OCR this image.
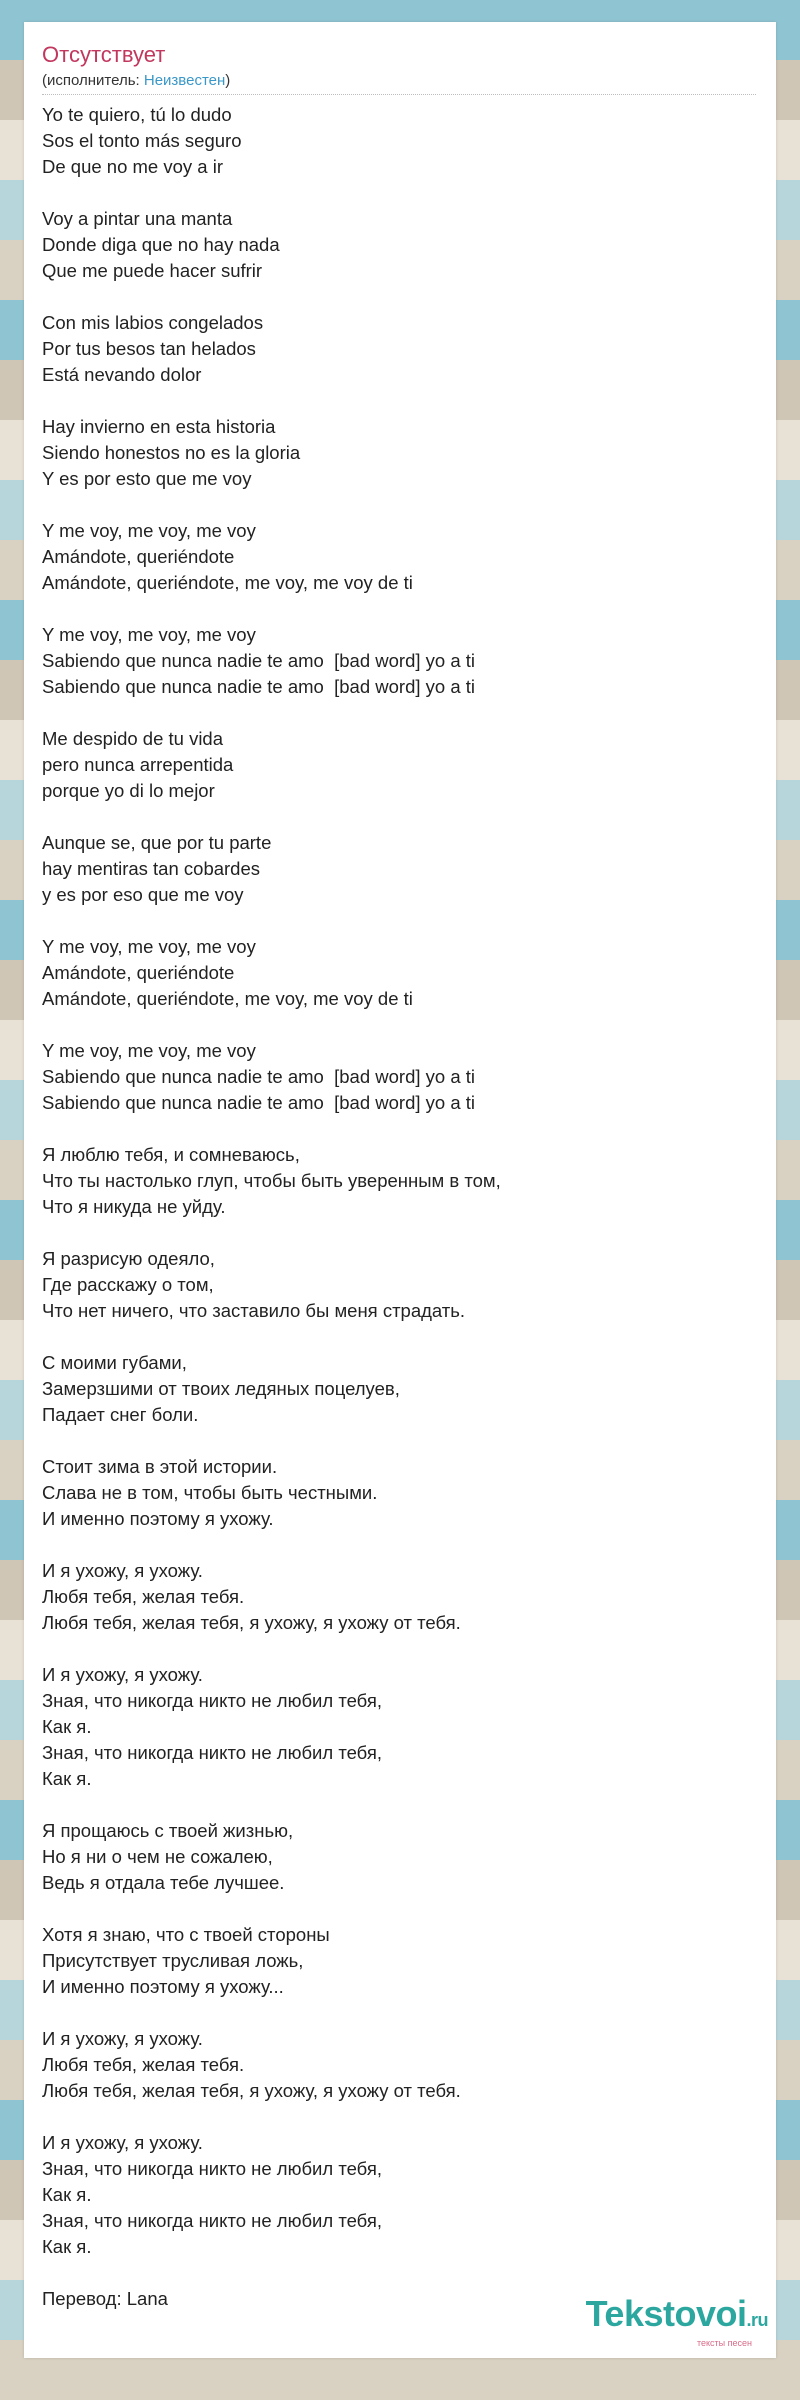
Отсутствует
(исполнитель: Неизвестен)
Yo te quiero, tú lo dudo
Sos el tonto más seguro
De que no me voy a ir
Voy a pintar una manta
Donde diga que no hay nada
Que me puede hacer sufrir
Con mis labios congelados
Por tus besos tan helados
Está nevando dolor
Hay invierno en esta historia
Siendo honestos no es la gloria
Y es por esto que me voy
Y me voy, me voy, me voy
Amándote, queriéndote
Amándote, queriéndote, me voy, me voy de ti
Y me voy, me voy, me voy
Sabiendo que nunca nadie te amo  [bad word] yo a ti
Sabiendo que nunca nadie te amo  [bad word] yo a ti
Me despido de tu vida
pero nunca arrepentida
porque yo di lo mejor
Aunque se, que por tu parte
hay mentiras tan cobardes
y es por eso que me voy
Y me voy, me voy, me voy
Amándote, queriéndote
Amándote, queriéndote, me voy, me voy de ti
Y me voy, me voy, me voy
Sabiendo que nunca nadie te amo  [bad word] yo a ti
Sabiendo que nunca nadie te amo  [bad word] yo a ti
Я люблю тебя, и сомневаюсь,
Что ты настолько глуп, чтобы быть уверенным в том,
Что я никуда не уйду.
Я разрисую одеяло,
Где расскажу о том,
Что нет ничего, что заставило бы меня страдать.
С моими губами,
Замерзшими от твоих ледяных поцелуев,
Падает снег боли.
Стоит зима в этой истории.
Слава не в том, чтобы быть честными.
И именно поэтому я ухожу.
И я ухожу, я ухожу.
Любя тебя, желая тебя.
Любя тебя, желая тебя, я ухожу, я ухожу от тебя.
И я ухожу, я ухожу.
Зная, что никогда никто не любил тебя,
Как я.
Зная, что никогда никто не любил тебя,
Как я.
Я прощаюсь с твоей жизнью,
Но я ни о чем не сожалею,
Ведь я отдала тебе лучшее.
Хотя я знаю, что с твоей стороны
Присутствует трусливая ложь,
И именно поэтому я ухожу...
И я ухожу, я ухожу.
Любя тебя, желая тебя.
Любя тебя, желая тебя, я ухожу, я ухожу от тебя.
И я ухожу, я ухожу.
Зная, что никогда никто не любил тебя,
Как я.
Зная, что никогда никто не любил тебя,
Как я.
Перевод: Lana	Tekstovoi.ru
тексты песен
